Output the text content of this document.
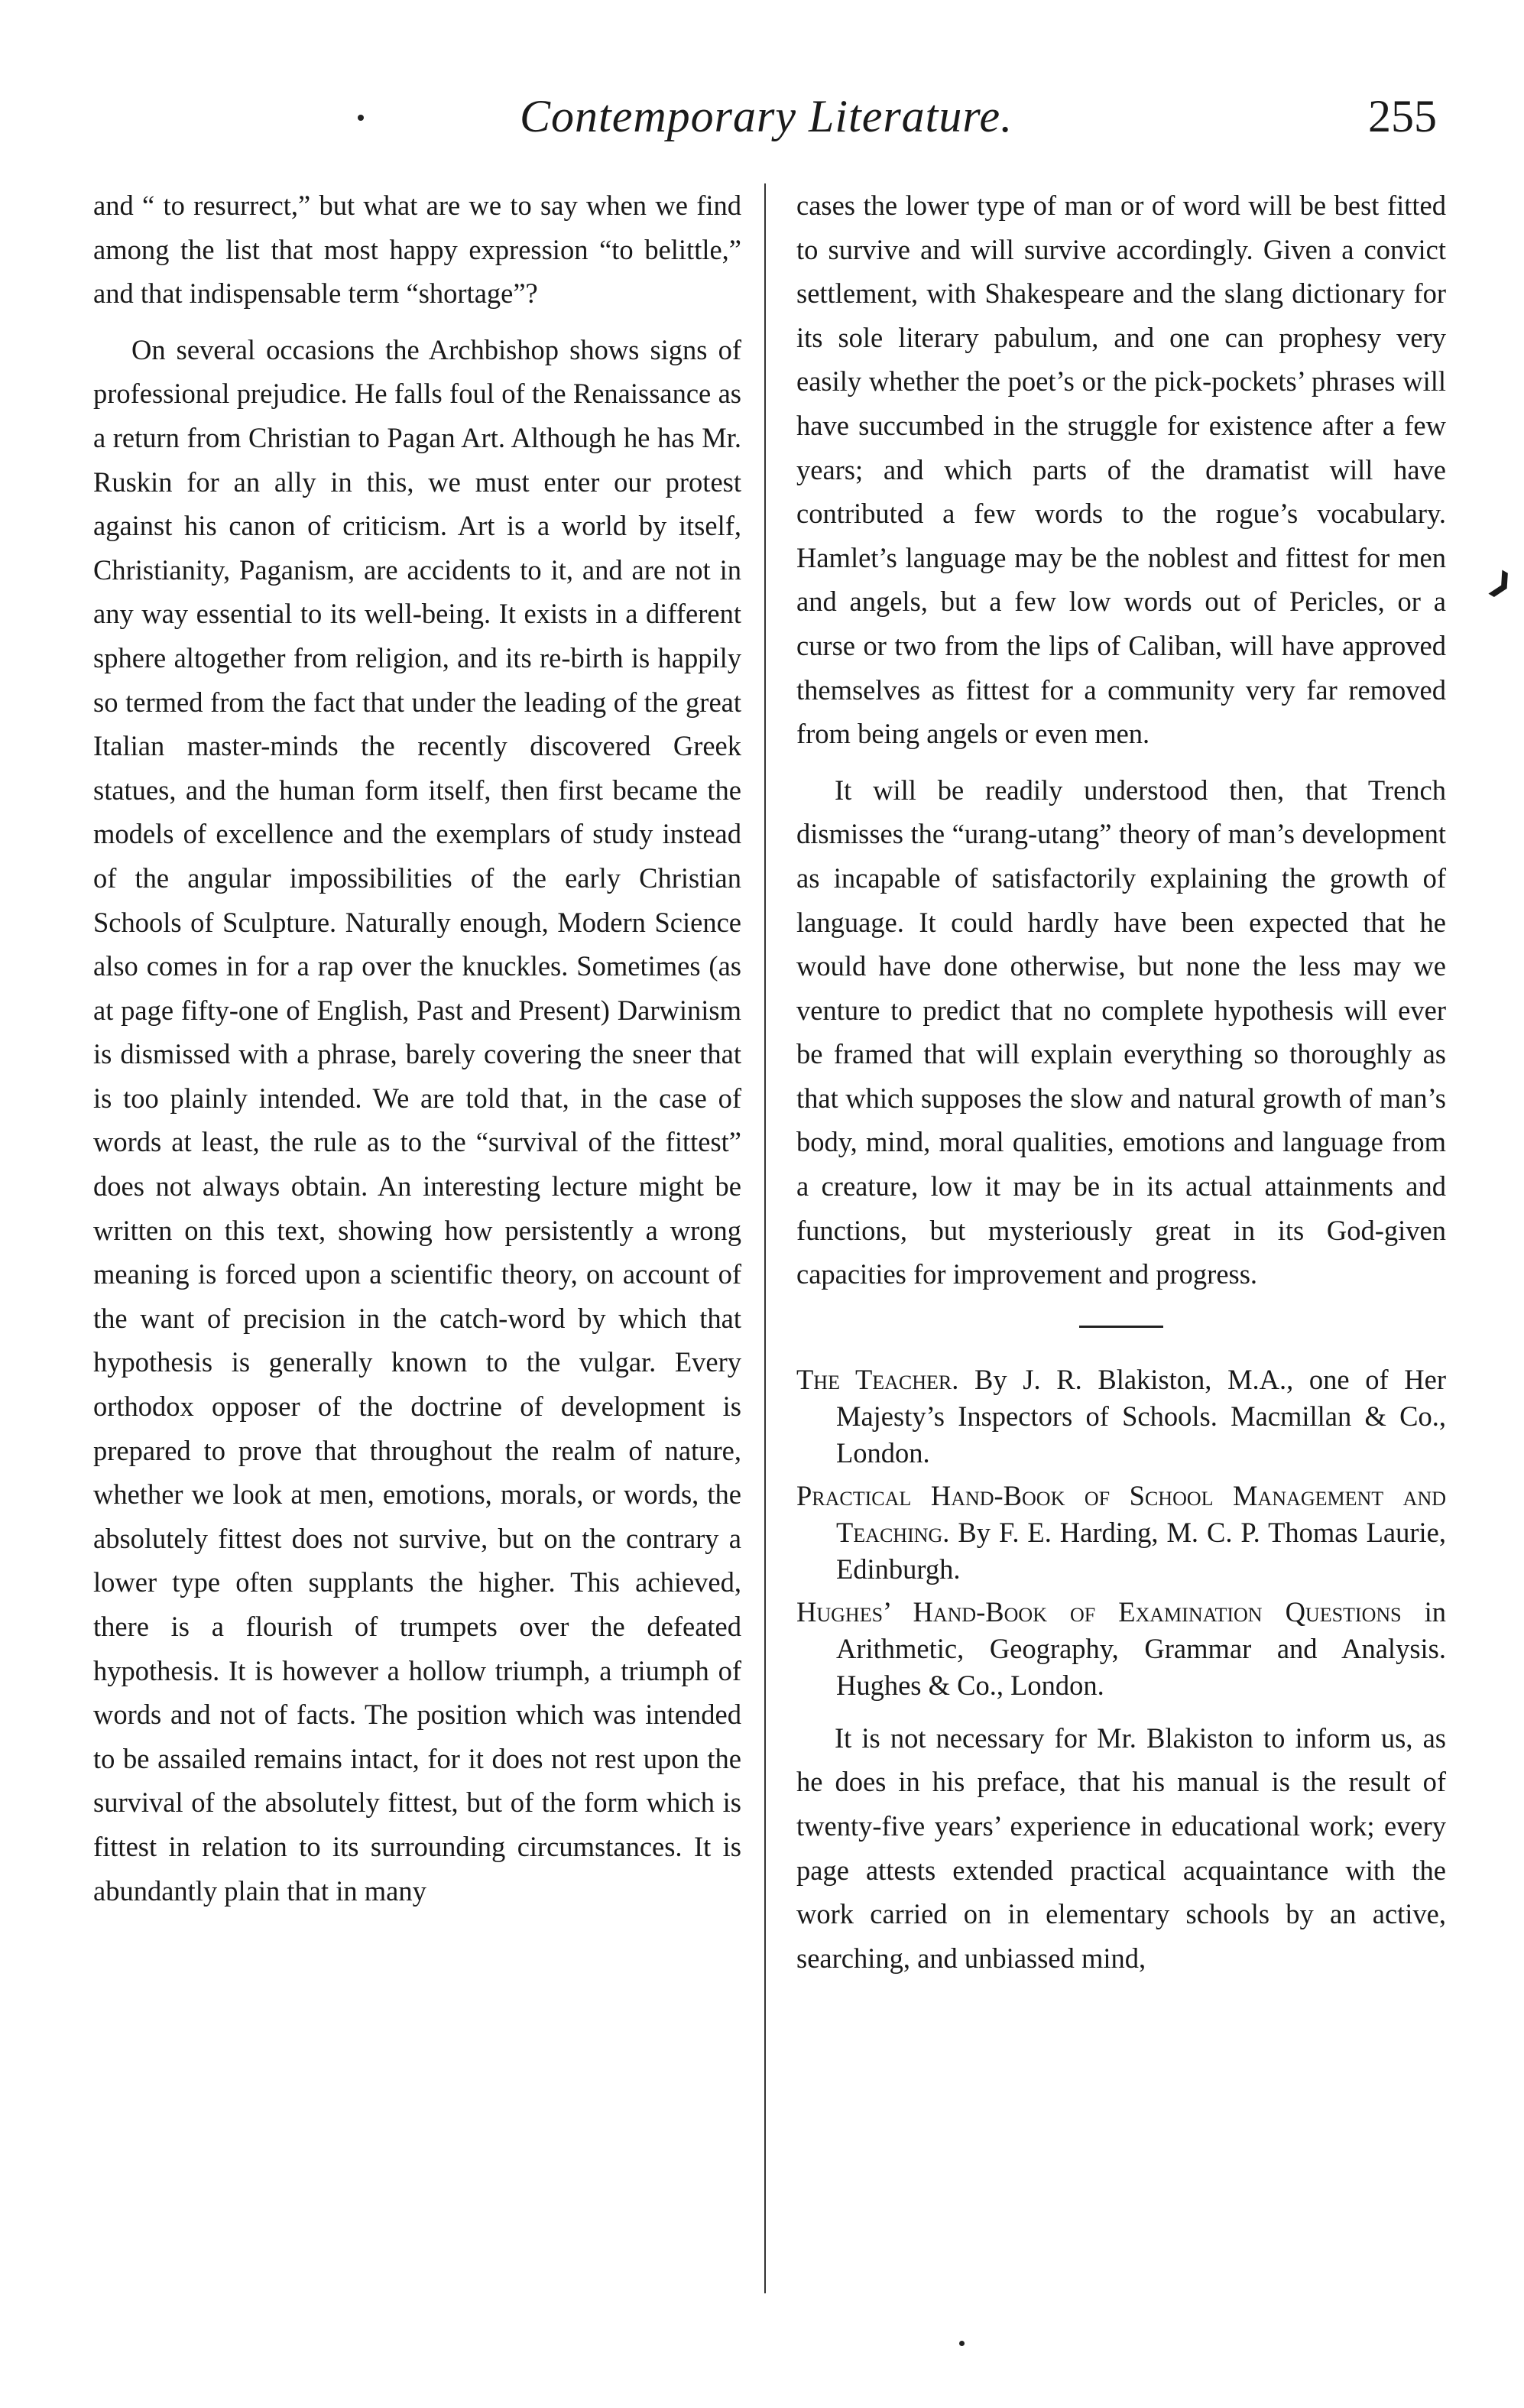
Contemporary Literature.	255

and “ to resurrect,” but what are we to say when we find among the list that most happy expression “to belittle,” and that indispensable term “shortage”?

On several occasions the Archbishop shows signs of professional prejudice. He falls foul of the Renaissance as a return from Christian to Pagan Art. Although he has Mr. Ruskin for an ally in this, we must enter our protest against his canon of criticism. Art is a world by itself, Christianity, Paganism, are accidents to it, and are not in any way essential to its well-being. It exists in a different sphere altogether from religion, and its re-birth is happily so termed from the fact that under the leading of the great Italian master-minds the recently discovered Greek statues, and the human form itself, then first became the models of excellence and the exemplars of study instead of the angular impossibilities of the early Christian Schools of Sculpture. Naturally enough, Modern Science also comes in for a rap over the knuckles. Sometimes (as at page fifty-one of English, Past and Present) Darwinism is dismissed with a phrase, barely covering the sneer that is too plainly intended. We are told that, in the case of words at least, the rule as to the “survival of the fittest” does not always obtain. An interesting lecture might be written on this text, showing how persistently a wrong meaning is forced upon a scientific theory, on account of the want of precision in the catch-word by which that hypothesis is generally known to the vulgar. Every orthodox opposer of the doctrine of development is prepared to prove that throughout the realm of nature, whether we look at men, emotions, morals, or words, the absolutely fittest does not survive, but on the contrary a lower type often supplants the higher. This achieved, there is a flourish of trumpets over the defeated hypothesis. It is however a hollow triumph, a triumph of words and not of facts. The position which was intended to be assailed remains intact, for it does not rest upon the survival of the absolutely fittest, but of the form which is fittest in relation to its surrounding circumstances. It is abundantly plain that in many

cases the lower type of man or of word will be best fitted to survive and will survive accordingly. Given a convict settlement, with Shakespeare and the slang dictionary for its sole literary pabulum, and one can prophesy very easily whether the poet’s or the pick-pockets’ phrases will have succumbed in the struggle for existence after a few years; and which parts of the dramatist will have contributed a few words to the rogue’s vocabulary. Hamlet’s language may be the noblest and fittest for men and angels, but a few low words out of Pericles, or a curse or two from the lips of Caliban, will have approved themselves as fittest for a community very far removed from being angels or even men.

It will be readily understood then, that Trench dismisses the “urang-utang” theory of man’s development as incapable of satisfactorily explaining the growth of language. It could hardly have been expected that he would have done otherwise, but none the less may we venture to predict that no complete hypothesis will ever be framed that will explain everything so thoroughly as that which supposes the slow and natural growth of man’s body, mind, moral qualities, emotions and language from a creature, low it may be in its actual attainments and functions, but mysteriously great in its God-given capacities for improvement and progress.

The Teacher. By J. R. Blakiston, M.A., one of Her Majesty’s Inspectors of Schools. Macmillan & Co., London.
Practical Hand-Book of School Management and Teaching. By F. E. Harding, M. C. P. Thomas Laurie, Edinburgh.
Hughes’ Hand-Book of Examination Questions in Arithmetic, Geography, Grammar and Analysis. Hughes & Co., London.

It is not necessary for Mr. Blakiston to inform us, as he does in his preface, that his manual is the result of twenty-five years’ experience in educational work; every page attests extended practical acquaintance with the work carried on in elementary schools by an active, searching, and unbiassed mind,

❱
